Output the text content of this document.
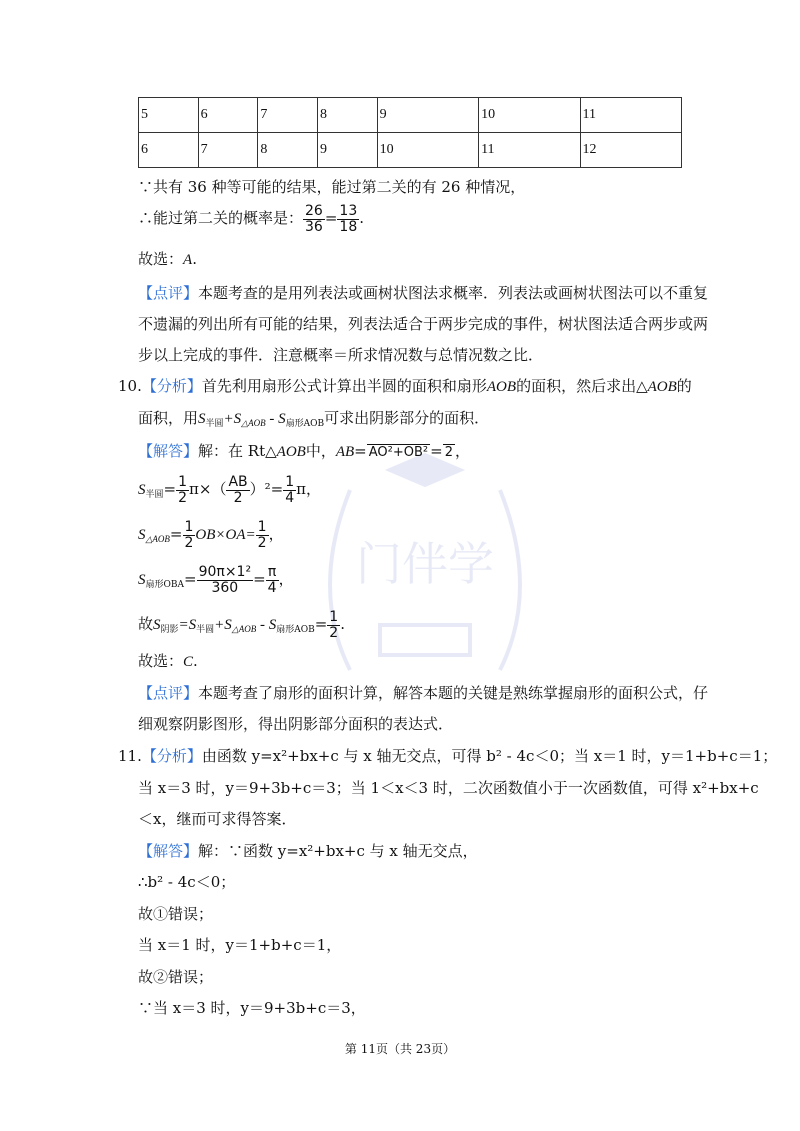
门伴学
5	6	7	8	9	10	11
6	7	8	9	10	11	12
∵共有 36 种等可能的结果，能过第二关的有 26 种情况，
∴能过第二关的概率是： $\frac{26}{36} = \frac{13}{18}$ .
故选：A.
【点评】本题考查的是用列表法或画树状图法求概率．列表法或画树状图法可以不重复
不遗漏的列出所有可能的结果，列表法适合于两步完成的事件，树状图法适合两步或两
步以上完成的事件．注意概率＝所求情况数与总情况数之比．
10.【分析】首先利用扇形公式计算出半圆的面积和扇形AOB的面积，然后求出△AOB的
面积，用$S_{半圆}+S_{\triangle AOB} - S_{扇形AOB}$可求出阴影部分的面积．
【解答】解：在 Rt△AOB中，AB= AO²+OB² = 2 ，
$S_{半圆}= \frac{1}{2} \pi\times( \frac{AB}{2} )^2= \frac{1}{4}$ π，
$S_{\triangle AOB}= \frac{1}{2} OB\times OA= \frac{1}{2}$ ，
$S_{扇形OBA}= \frac{\text{90π×1²}}{360} = \frac{\pi}{4}$ ，
故$S_{阴影}=S_{半圆}+S_{\triangle AOB} - S_{扇形AOB}= \frac{1}{2}$ .
故选：C.
【点评】本题考查了扇形的面积计算，解答本题的关键是熟练掌握扇形的面积公式，仔
细观察阴影图形，得出阴影部分面积的表达式．
11.【分析】由函数 y=x²+bx+c 与 x 轴无交点，可得 b² - 4c＜0；当 x＝1 时，y＝1+b+c＝1；
当 x＝3 时，y＝9+3b+c＝3；当 1＜x＜3 时，二次函数值小于一次函数值，可得 x²+bx+c
＜x，继而可求得答案．
【解答】解：∵函数 y=x²+bx+c 与 x 轴无交点，
∴b² - 4c＜0；
故①错误；
当 x＝1 时，y＝1+b+c＝1，
故②错误；
∵当 x＝3 时，y＝9+3b+c＝3，
第 11页（共 23页）
